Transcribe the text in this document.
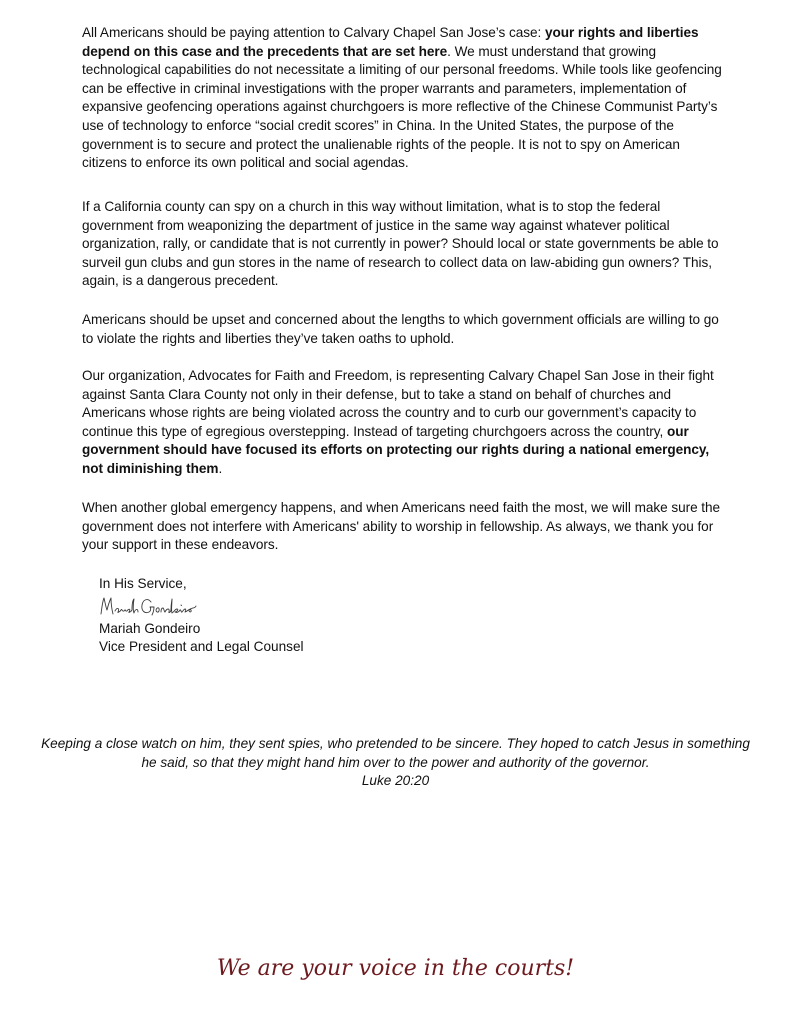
All Americans should be paying attention to Calvary Chapel San Jose’s case: your rights and liberties depend on this case and the precedents that are set here. We must understand that growing technological capabilities do not necessitate a limiting of our personal freedoms. While tools like geofencing can be effective in criminal investigations with the proper warrants and parameters, implementation of expansive geofencing operations against churchgoers is more reflective of the Chinese Communist Party’s use of technology to enforce “social credit scores” in China. In the United States, the purpose of the government is to secure and protect the unalienable rights of the people. It is not to spy on American citizens to enforce its own political and social agendas.

If a California county can spy on a church in this way without limitation, what is to stop the federal government from weaponizing the department of justice in the same way against whatever political organization, rally, or candidate that is not currently in power? Should local or state governments be able to surveil gun clubs and gun stores in the name of research to collect data on law-abiding gun owners? This, again, is a dangerous precedent.

Americans should be upset and concerned about the lengths to which government officials are willing to go to violate the rights and liberties they’ve taken oaths to uphold.

Our organization, Advocates for Faith and Freedom, is representing Calvary Chapel San Jose in their fight against Santa Clara County not only in their defense, but to take a stand on behalf of churches and Americans whose rights are being violated across the country and to curb our government’s capacity to continue this type of egregious overstepping. Instead of targeting churchgoers across the country, our government should have focused its efforts on protecting our rights during a national emergency, not diminishing them.

When another global emergency happens, and when Americans need faith the most, we will make sure the government does not interfere with Americans' ability to worship in fellowship. As always, we thank you for your support in these endeavors.

In His Service,
Mariah Gondeiro
Vice President and Legal Counsel
Keeping a close watch on him, they sent spies, who pretended to be sincere. They hoped to catch Jesus in something he said, so that they might hand him over to the power and authority of the governor.
Luke 20:20
We are your voice in the courts!
